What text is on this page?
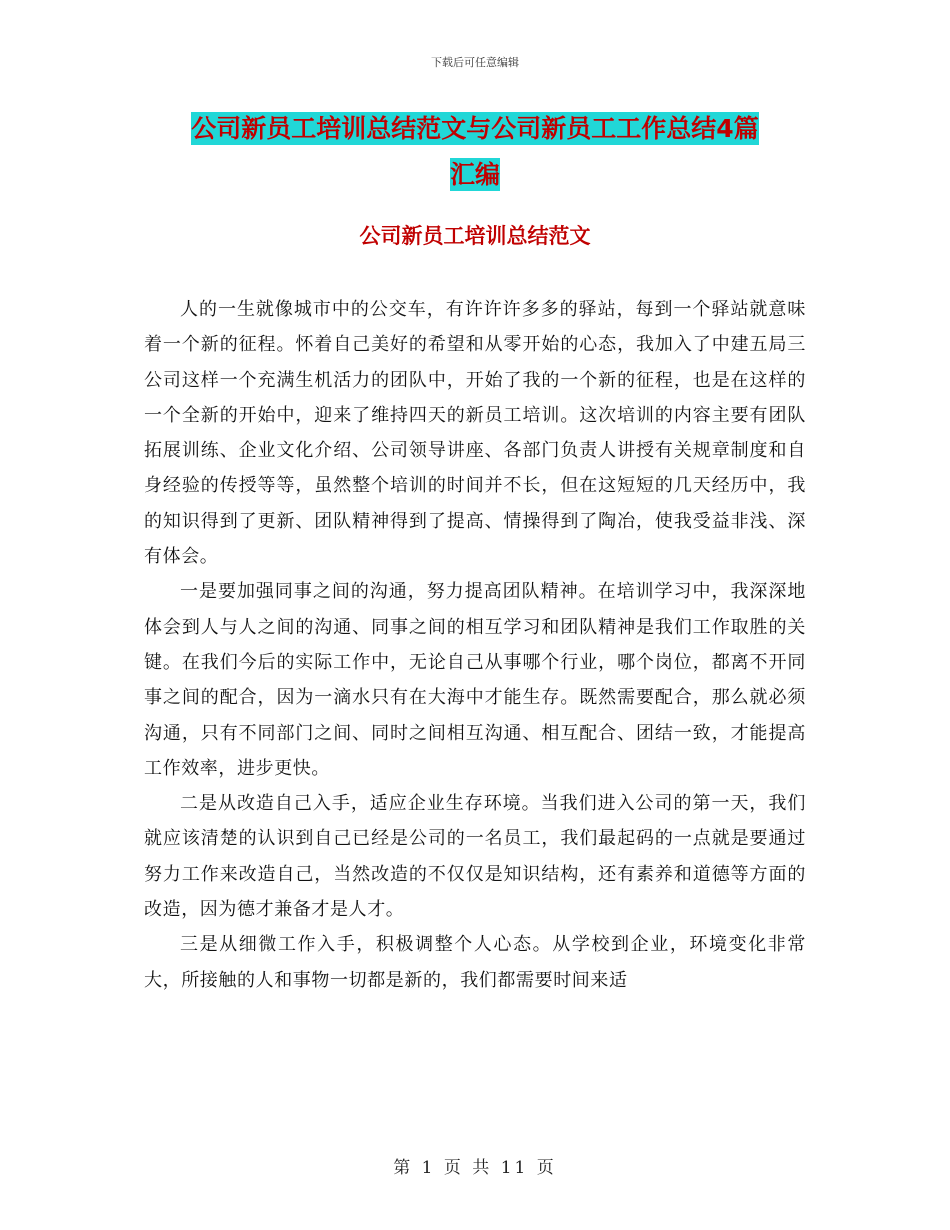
下载后可任意编辑
公司新员工培训总结范文与公司新员工工作总结4篇
汇编
公司新员工培训总结范文

人的一生就像城市中的公交车，有许许许多多的驿站，每到一个驿站就意味着一个新的征程。怀着自己美好的希望和从零开始的心态，我加入了中建五局三公司这样一个充满生机活力的团队中，开始了我的一个新的征程，也是在这样的一个全新的开始中，迎来了维持四天的新员工培训。这次培训的内容主要有团队拓展训练、企业文化介绍、公司领导讲座、各部门负责人讲授有关规章制度和自身经验的传授等等，虽然整个培训的时间并不长，但在这短短的几天经历中，我的知识得到了更新、团队精神得到了提高、情操得到了陶冶，使我受益非浅、深有体会。

一是要加强同事之间的沟通，努力提高团队精神。在培训学习中，我深深地体会到人与人之间的沟通、同事之间的相互学习和团队精神是我们工作取胜的关键。在我们今后的实际工作中，无论自己从事哪个行业，哪个岗位，都离不开同事之间的配合，因为一滴水只有在大海中才能生存。既然需要配合，那么就必须沟通，只有不同部门之间、同时之间相互沟通、相互配合、团结一致，才能提高工作效率，进步更快。

二是从改造自己入手，适应企业生存环境。当我们进入公司的第一天，我们就应该清楚的认识到自己已经是公司的一名员工，我们最起码的一点就是要通过努力工作来改造自己，当然改造的不仅仅是知识结构，还有素养和道德等方面的改造，因为德才兼备才是人才。

三是从细微工作入手，积极调整个人心态。从学校到企业，环境变化非常大，所接触的人和事物一切都是新的，我们都需要时间来适

第 1 页 共 11 页
